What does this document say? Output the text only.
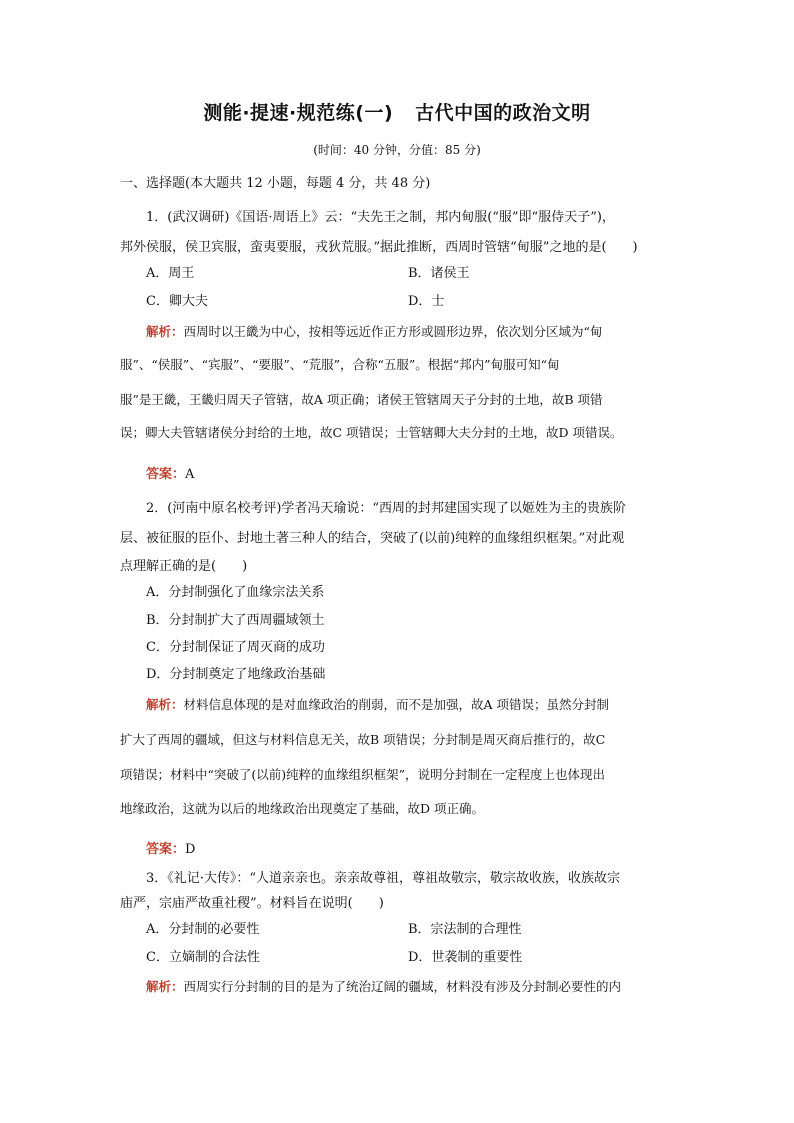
测能·提速·规范练(一) 古代中国的政治文明
(时间：40 分钟，分值：85 分)
一、选择题(本大题共 12 小题，每题 4 分，共 48 分)
1．(武汉调研)《国语·周语上》云：“夫先王之制，邦内甸服(“服”即“服侍天子”)，
邦外侯服，侯卫宾服，蛮夷要服，戎狄荒服。”据此推断，西周时管辖“甸服”之地的是(　　)
A．周王	B．诸侯王
C．卿大夫	D．士
解析：西周时以王畿为中心，按相等远近作正方形或圆形边界，依次划分区域为“甸
服”、“侯服”、“宾服”、“要服”、“荒服”，合称“五服”。根据“邦内”甸服可知“甸
服”是王畿，王畿归周天子管辖，故A 项正确；诸侯王管辖周天子分封的土地，故B 项错
误；卿大夫管辖诸侯分封给的土地，故C 项错误；士管辖卿大夫分封的土地，故D 项错误。
答案：A
2．(河南中原名校考评)学者冯天瑜说：“西周的封邦建国实现了以姬姓为主的贵族阶
层、被征服的臣仆、封地土著三种人的结合，突破了(以前)纯粹的血缘组织框架。”对此观
点理解正确的是(　　)
A．分封制强化了血缘宗法关系
B．分封制扩大了西周疆域领土
C．分封制保证了周灭商的成功
D．分封制奠定了地缘政治基础
解析：材料信息体现的是对血缘政治的削弱，而不是加强，故A 项错误；虽然分封制
扩大了西周的疆域，但这与材料信息无关，故B 项错误；分封制是周灭商后推行的，故C
项错误；材料中“突破了(以前)纯粹的血缘组织框架”，说明分封制在一定程度上也体现出
地缘政治，这就为以后的地缘政治出现奠定了基础，故D 项正确。
答案：D
3．《礼记·大传》：“人道亲亲也。亲亲故尊祖，尊祖故敬宗，敬宗故收族，收族故宗
庙严，宗庙严故重社稷”。材料旨在说明(　　)
A．分封制的必要性	B．宗法制的合理性
C．立嫡制的合法性	D．世袭制的重要性
解析：西周实行分封制的目的是为了统治辽阔的疆域，材料没有涉及分封制必要性的内
